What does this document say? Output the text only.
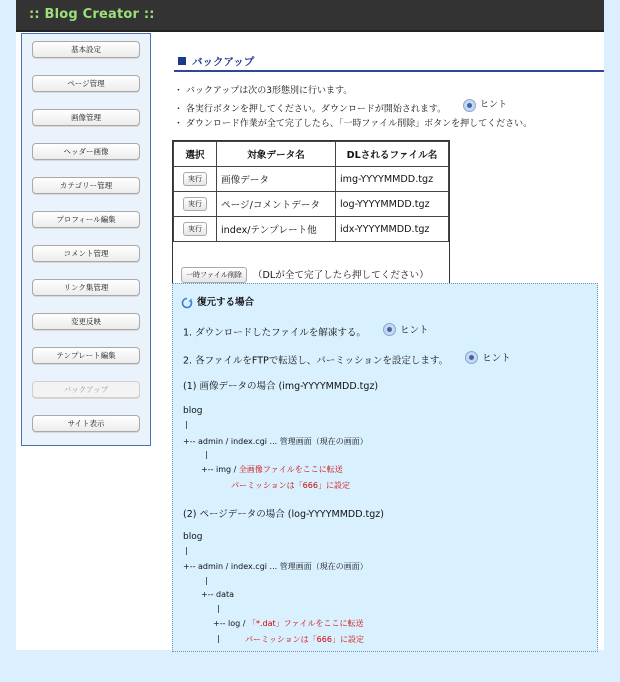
:: Blog Creator ::
基本設定
ページ管理
画像管理
ヘッダー画像
カテゴリー管理
プロフィール編集
コメント管理
リンク集管理
変更反映
テンプレート編集
バックアップ
サイト表示
バックアップ
・ バックアップは次の3形態別に行います。
・ 各実行ボタンを押してください。ダウンロードが開始されます。	ヒント
・ ダウンロード作業が全て完了したら、「一時ファイル削除」ボタンを押してください。
選択	対象データ名	DLされるファイル名
実行	画像データ	img-YYYYMMDD.tgz
実行	ページ/コメントデータ	log-YYYYMMDD.tgz
実行	index/テンプレート他	idx-YYYYMMDD.tgz
一時ファイル削除 （DLが全て完了したら押してください）
復元する場合
1. ダウンロードしたファイルを解凍する。	ヒント
2. 各ファイルをFTPで転送し、パーミッションを設定します。	ヒント
(1) 画像データの場合 (img-YYYYMMDD.tgz)
blog
|
+-- admin / index.cgi ... 管理画面（現在の画面）
|
+-- img / 全画像ファイルをここに転送
パーミッションは「666」に設定
(2) ページデータの場合 (log-YYYYMMDD.tgz)
blog
|
+-- admin / index.cgi ... 管理画面（現在の画面）
|
+-- data
|
+-- log / 「*.dat」ファイルをここに転送
|	パーミッションは「666」に設定
